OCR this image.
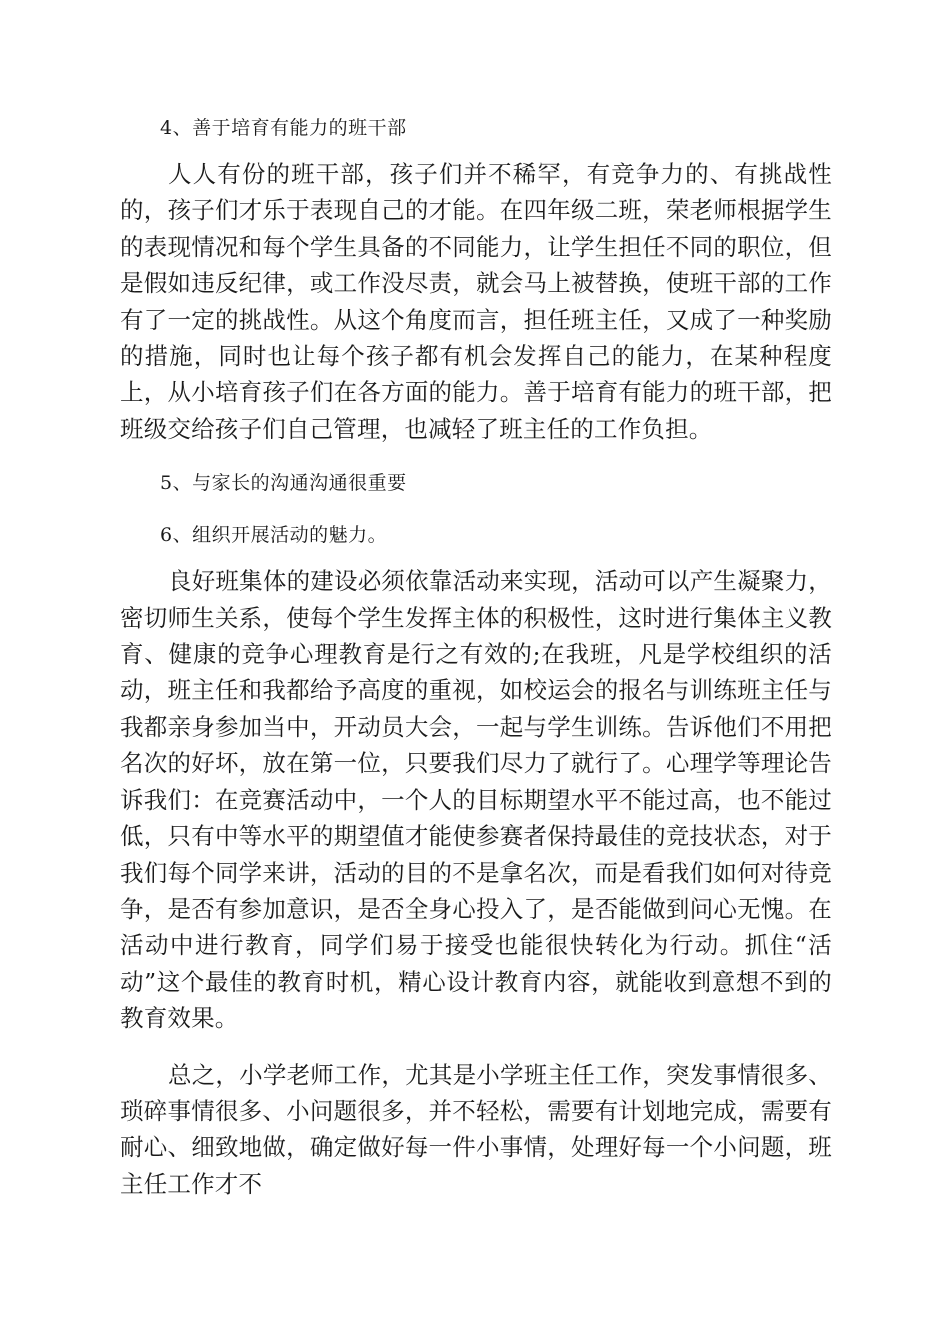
4、善于培育有能力的班干部

人人有份的班干部，孩子们并不稀罕，有竞争力的、有挑战性的，孩子们才乐于表现自己的才能。在四年级二班，荣老师根据学生的表现情况和每个学生具备的不同能力，让学生担任不同的职位，但是假如违反纪律，或工作没尽责，就会马上被替换，使班干部的工作有了一定的挑战性。从这个角度而言，担任班主任，又成了一种奖励的措施，同时也让每个孩子都有机会发挥自己的能力，在某种程度上，从小培育孩子们在各方面的能力。善于培育有能力的班干部，把班级交给孩子们自己管理，也减轻了班主任的工作负担。

5、与家长的沟通沟通很重要
6、组织开展活动的魅力。

良好班集体的建设必须依靠活动来实现，活动可以产生凝聚力，密切师生关系，使每个学生发挥主体的积极性，这时进行集体主义教育、健康的竞争心理教育是行之有效的;在我班，凡是学校组织的活动，班主任和我都给予高度的重视，如校运会的报名与训练班主任与我都亲身参加当中，开动员大会，一起与学生训练。告诉他们不用把名次的好坏，放在第一位，只要我们尽力了就行了。心理学等理论告诉我们：在竞赛活动中，一个人的目标期望水平不能过高，也不能过低，只有中等水平的期望值才能使参赛者保持最佳的竞技状态，对于我们每个同学来讲，活动的目的不是拿名次，而是看我们如何对待竞争，是否有参加意识，是否全身心投入了，是否能做到问心无愧。在活动中进行教育，同学们易于接受也能很快转化为行动。抓住“活动”这个最佳的教育时机，精心设计教育内容，就能收到意想不到的教育效果。

总之，小学老师工作，尤其是小学班主任工作，突发事情很多、琐碎事情很多、小问题很多，并不轻松，需要有计划地完成，需要有耐心、细致地做，确定做好每一件小事情，处理好每一个小问题，班主任工作才不
